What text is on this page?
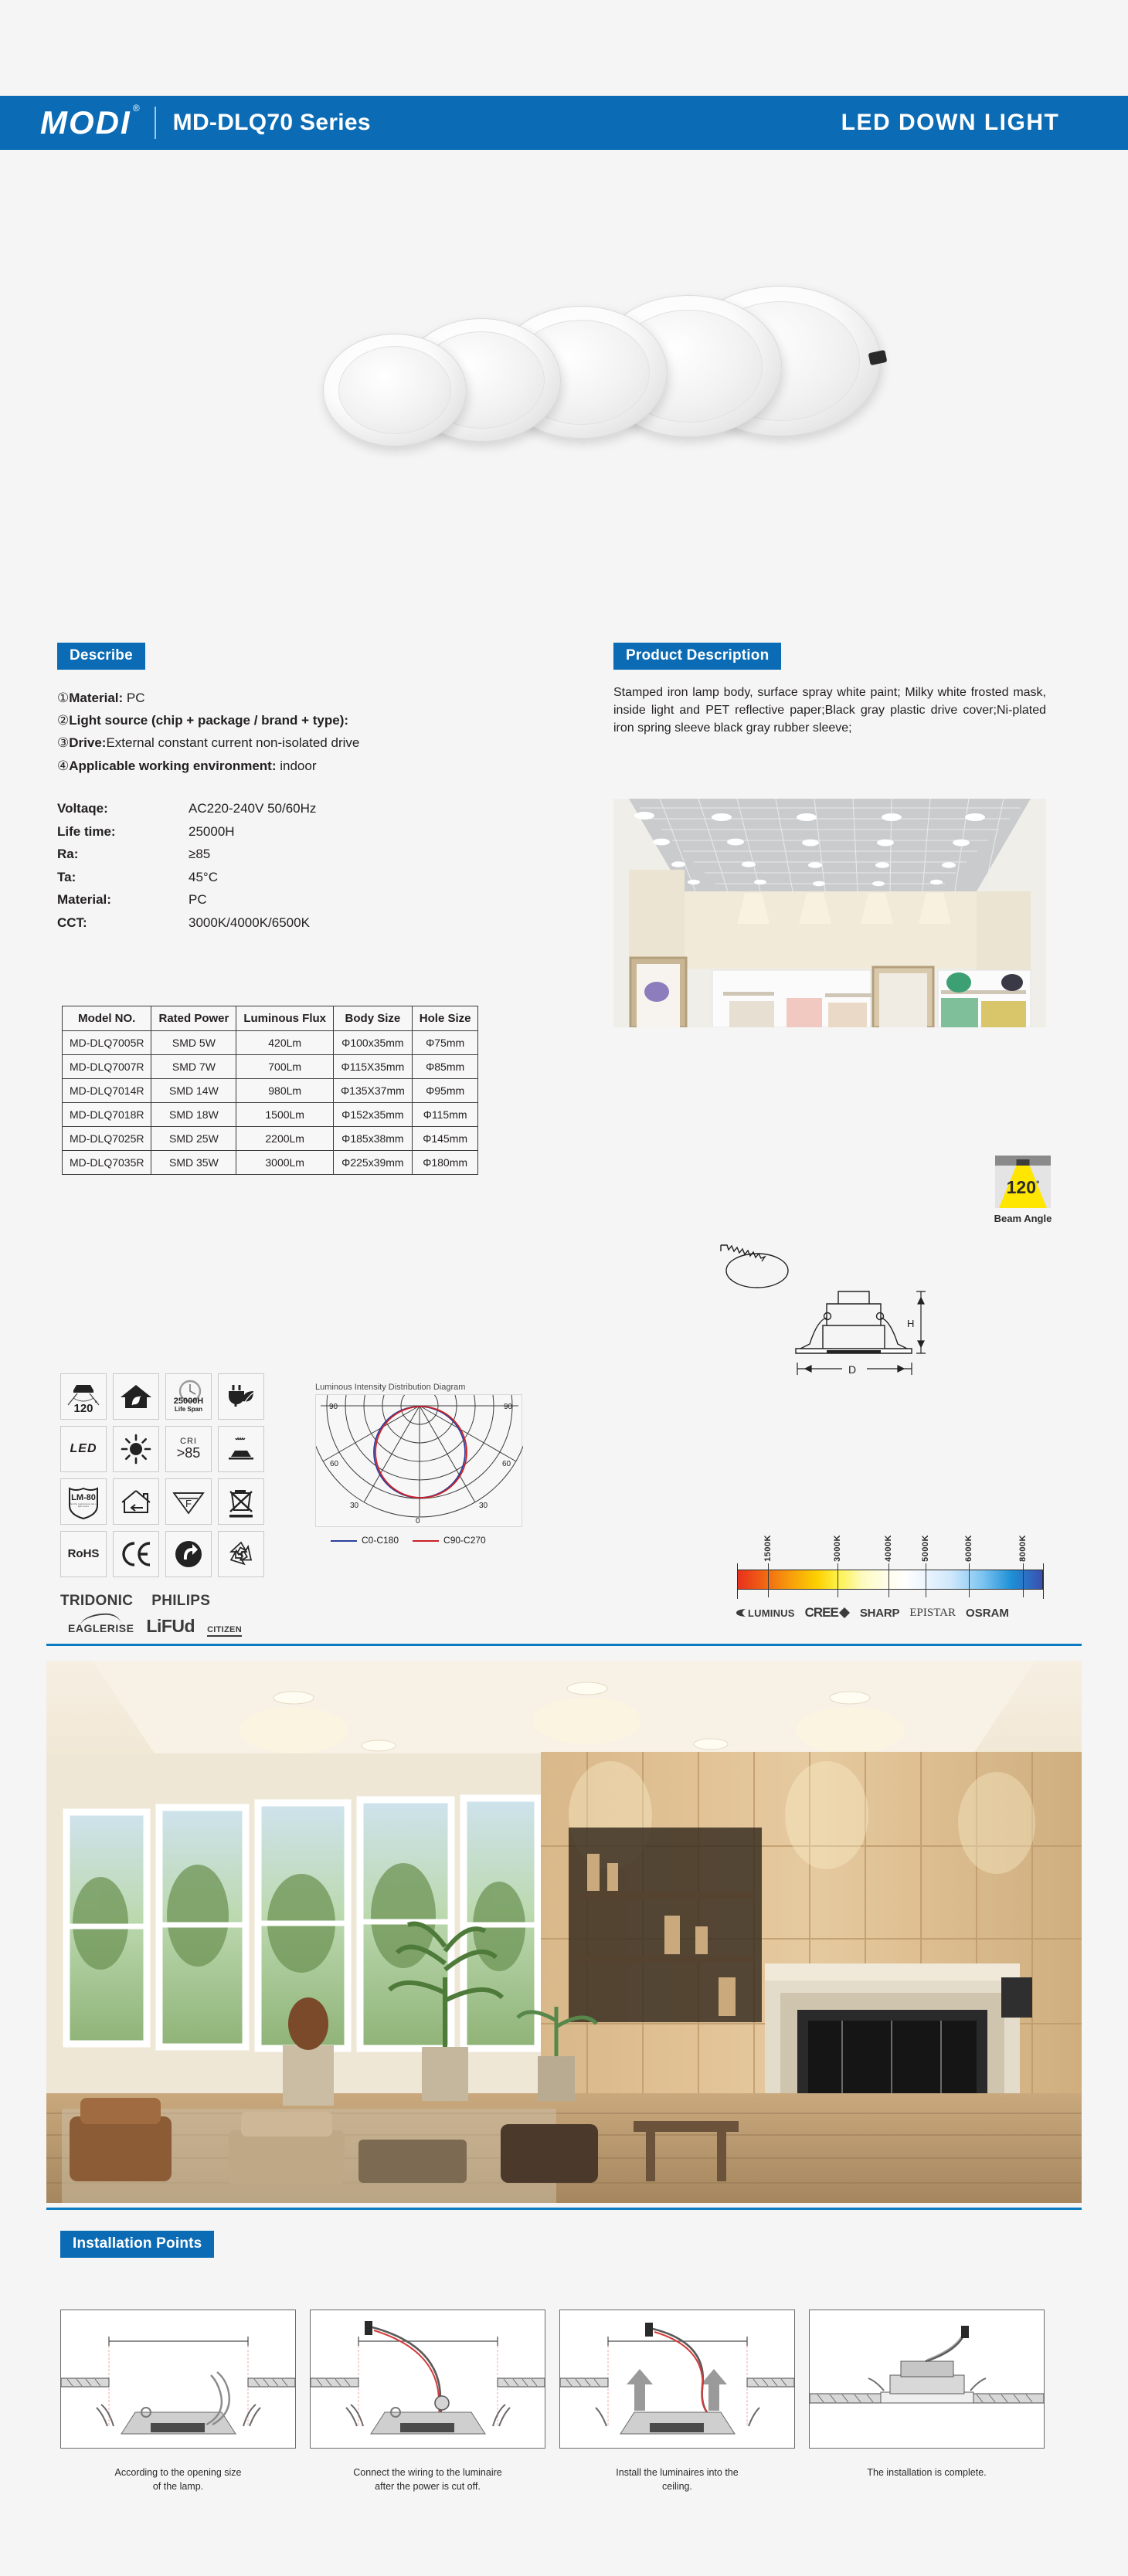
MODI ®
MD-DLQ70 Series	LED DOWN LIGHT
Describe
①Material: PC
②Light source (chip + package / brand + type):
③Drive:External constant current non-isolated drive
④Applicable working environment: indoor
Voltaqe:	AC220-240V 50/60Hz
Life time:	25000H
Ra:	≥85
Ta:	45°C
Material:	PC
CCT:	3000K/4000K/6500K
Model NO.	Rated Power	Luminous Flux	Body Size	Hole Size
MD-DLQ7005R	SMD 5W	420Lm	Φ100x35mm	Φ75mm
MD-DLQ7007R	SMD 7W	700Lm	Φ115X35mm	Φ85mm
MD-DLQ7014R	SMD 14W	980Lm	Φ135X37mm	Φ95mm
MD-DLQ7018R	SMD 18W	1500Lm	Φ152x35mm	Φ115mm
MD-DLQ7025R	SMD 25W	2200Lm	Φ185x38mm	Φ145mm
MD-DLQ7035R	SMD 35W	3000Lm	Φ225x39mm	Φ180mm
120 °	25000H
Life Span
LED
CRI
>85
LM-80
Test the maintenance rate of light source	F
RoHS
TRIDONIC PHILIPS
EAGLERISE LiFUd CITIZEN
Luminous Intensity Distribution Diagram
90	90
60	60
30	30
0
C0-C180	C90-C270
Product Description
Stamped iron lamp body, surface spray white paint; Milky white frosted mask, inside light and PET reflective paper;Black gray plastic drive cover;Ni-plated iron spring sleeve black gray rubber sleeve;
120°
Beam Angle
H
D
1500K	3000K	4000K	5000K	6000K	8000K
LUMINUS CREE SHARP EPISTAR OSRAM
Installation Points
According to the opening size
of the lamp.
Connect the wiring to the luminaire
after the power is cut off.
Install the luminaires into the
ceiling.
The installation is complete.
